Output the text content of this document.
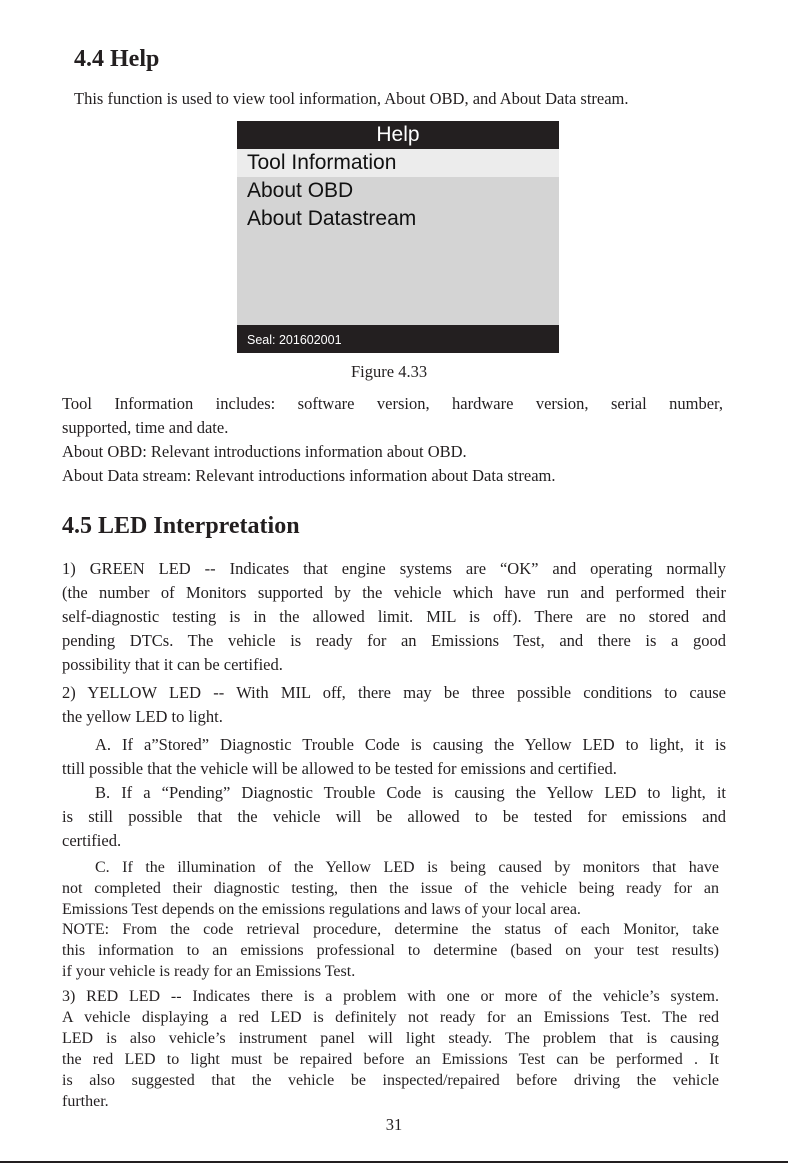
4.4 Help

This function is used to view tool information, About OBD, and About Data stream.

Help
Tool Information
About OBD
About Datastream
Seal: 201602001
Figure 4.33

Tool Information includes: software version, hardware version, serial number,

supported, time and date.

About OBD: Relevant introductions information about OBD.

About Data stream: Relevant introductions information about Data stream.

4.5 LED Interpretation

1) GREEN LED -- Indicates that engine systems are “OK” and operating normally

(the number of Monitors supported by the vehicle which have run and performed their

self-diagnostic testing is in the allowed limit. MIL is off). There are no stored and

pending DTCs. The vehicle is ready for an Emissions Test, and there is a good

possibility that it can be certified.

2) YELLOW LED -- With MIL off, there may be three possible conditions to cause

the yellow LED to light.

A. If a”Stored” Diagnostic Trouble Code is causing the Yellow LED to light, it is

ttill possible that the vehicle will be allowed to be tested for emissions and certified.

B. If a “Pending” Diagnostic Trouble Code is causing the Yellow LED to light, it

is still possible that the vehicle will be allowed to be tested for emissions and

certified.

C. If the illumination of the Yellow LED is being caused by monitors that have

not completed their diagnostic testing, then the issue of the vehicle being ready for an

Emissions Test depends on the emissions regulations and laws of your local area.

NOTE: From the code retrieval procedure, determine the status of each Monitor, take

this information to an emissions professional to determine (based on your test results)

if your vehicle is ready for an Emissions Test.

3) RED LED -- Indicates there is a problem with one or more of the vehicle’s system.

A vehicle displaying a red LED is definitely not ready for an Emissions Test. The red

LED is also vehicle’s instrument panel will light steady. The problem that is causing

the red LED to light must be repaired before an Emissions Test can be performed . It

is also suggested that the vehicle be inspected/repaired before driving the vehicle

further.

31
